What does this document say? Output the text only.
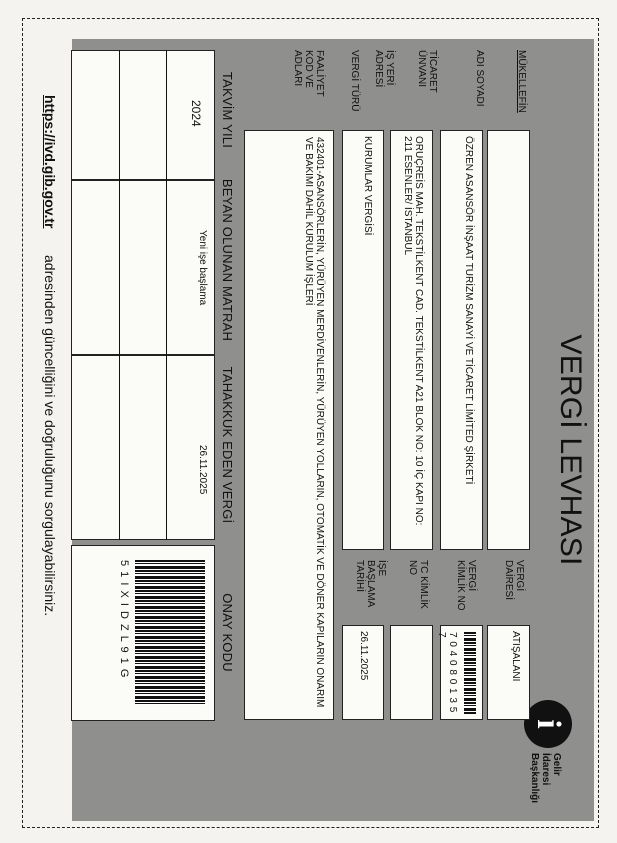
VERGİ LEVHASI
i
Gelir İdaresi Başkanlığı
MÜKELLEFİN
ADI SOYADI
TİCARET ÜNVANI
İŞ YERİ ADRESİ
VERGİ TÜRÜ
FAALİYET KOD VE ADLARI
ÖZREN ASANSÖR İNŞAAT TURİZM SANAYİ VE TİCARET LİMİTED ŞİRKETİ
ORUÇREİS MAH. TEKSTİLKENT CAD. TEKSTİLKENT A21 BLOK NO: 10 İÇ KAPI NO: 211 ESENLER/ İSTANBUL
KURUMLAR VERGİSİ
VERGİ DAİRESİ
VERGİ KİMLİK NO
TC KİMLİK NO
İŞE BAŞLAMA TARİHİ
ATIŞALANI
7 0 4 0 8 0 1 3 5 7
26.11.2025
432401-ASANSÖRLERİN, YÜRÜYEN MERDİVENLERİN, YÜRÜYEN YOLLARIN, OTOMATİK VE DÖNER KAPILARIN ONARIM VE BAKIMI DAHİL KURULUM İŞLERİ
TAKVİM YILI
BEYAN OLUNAN MATRAH
TAHAKKUK EDEN VERGİ
ONAY KODU
2024
Yeni işe başlama
26.11.2025
5 1 I X I D Z L 9 1 G
https://ivd.gib.gov.tr
adresinden güncelliğini ve doğruluğunu sorgulayabilirsiniz.
